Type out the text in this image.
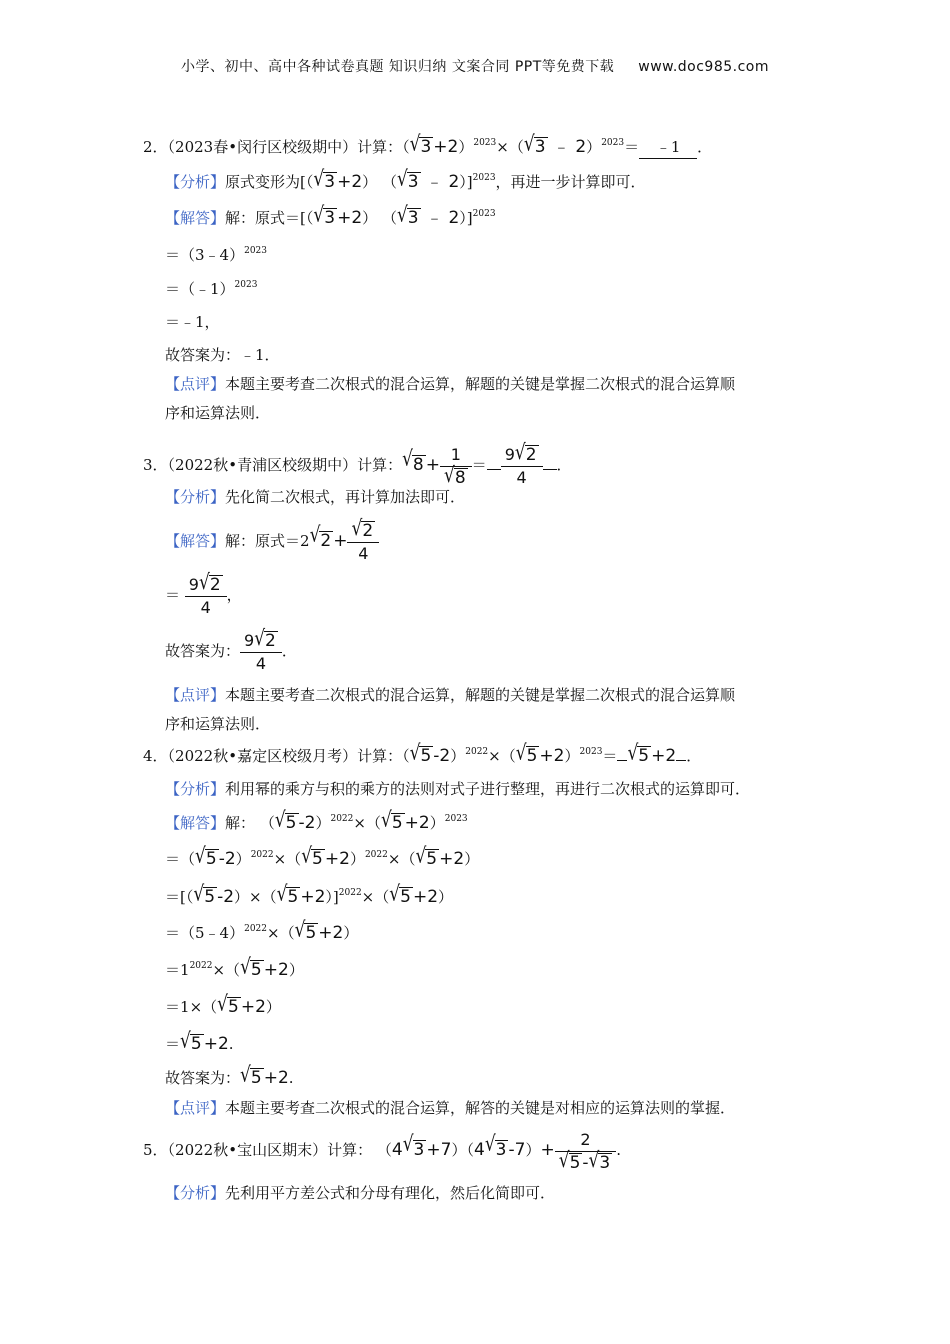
小学、初中、高中各种试卷真题 知识归纳 文案合同 PPT等免费下载 www.doc985.com
2．（2023春•闵行区校级期中）计算：$(√3 +2)^{2023}\times(√3$ ﹣ 2）$^{2023}$＝ ﹣1 ．
【分析】原式变形为[（√3 +2） （√3 ﹣ 2）]$^{2023}$，再进一步计算即可．
【解答】解：原式＝[（√3 +2） （√3 ﹣ 2）]$^{2023}$
＝（3﹣4）$^{2023}$
＝（﹣1）$^{2023}$
＝﹣1，
故答案为：﹣1．
【点评】本题主要考查二次根式的混合运算，解题的关键是掌握二次根式的混合运算顺
序和运算法则．
3．（2022秋•青浦区校级期中）计算：$√8 + \frac{1}{√8} = \frac{9√2}{4}$ ．
【分析】先化简二次根式，再计算加法即可．
【解答】解：原式$=2√2 + \frac{√2}{4}$
＝ $\frac{9√2}{4}$ ，
故答案为： $\frac{9√2}{4}$ ．
【点评】本题主要考查二次根式的混合运算，解题的关键是掌握二次根式的混合运算顺
序和运算法则．
4．（2022秋•嘉定区校级月考）计算：（√5 $-2)^{2022}\times(√5 +2)^{2023}= √5 +2$ ．
【分析】利用幂的乘方与积的乘方的法则对式子进行整理，再进行二次根式的运算即可．
【解答】解： （√5 $-2)^{2022}\times(√5 +2)^{2023}$
＝（√5 $-2)^{2022}\times(√5 +2)^{2022}\times(√5 +2)$
＝[（√5 -2）×（√5 +2）]$^{2022}$×（√5 +2）
＝（5﹣4）$^{2022}$×（√5 +2）
$=1^{2022}\times(√5 +2)$
＝1×（√5 +2）
＝√5 +2.
故答案为：√5 +2.
【点评】本题主要考查二次根式的混合运算，解答的关键是对相应的运算法则的掌握．
5．（2022秋•宝山区期末）计算： （4√3 +7）（4√3 $-7)+ \frac{2}{√5 -√3}$ .
【分析】先利用平方差公式和分母有理化，然后化简即可．
